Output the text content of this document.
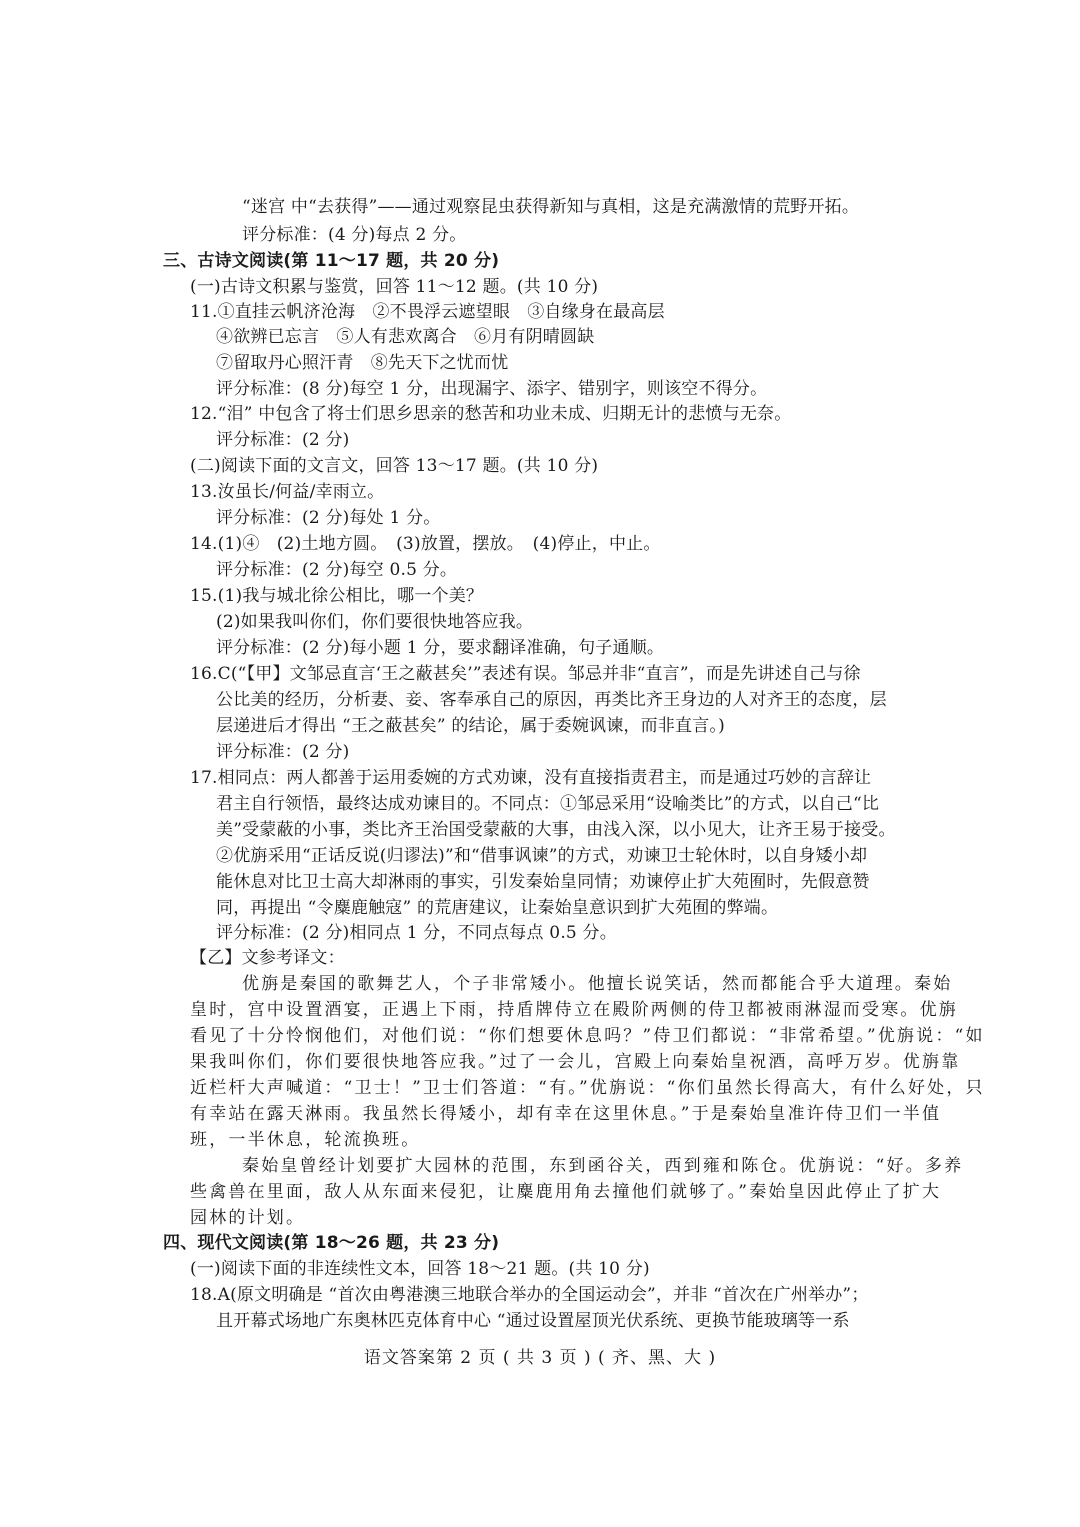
“迷宫 中“去获得”——通过观察昆虫获得新知与真相，这是充满激情的荒野开拓。
评分标准：(4 分)每点 2 分。
三、古诗文阅读(第 11～17 题，共 20 分)
(一)古诗文积累与鉴赏，回答 11～12 题。(共 10 分)
11.①直挂云帆济沧海　②不畏浮云遮望眼　③自缘身在最高层
④欲辨已忘言　⑤人有悲欢离合　⑥月有阴晴圆缺
⑦留取丹心照汗青　⑧先天下之忧而忧
评分标准：(8 分)每空 1 分，出现漏字、添字、错别字，则该空不得分。
12.“泪” 中包含了将士们思乡思亲的愁苦和功业未成、归期无计的悲愤与无奈。
评分标准：(2 分)
(二)阅读下面的文言文，回答 13～17 题。(共 10 分)
13.汝虽长/何益/幸雨立。
评分标准：(2 分)每处 1 分。
14.(1)④　(2)土地方圆。　(3)放置，摆放。　(4)停止，中止。
评分标准：(2 分)每空 0.5 分。
15.(1)我与城北徐公相比，哪一个美？
(2)如果我叫你们，你们要很快地答应我。
评分标准：(2 分)每小题 1 分，要求翻译准确，句子通顺。
16.C(“【甲】文邹忌直言‘王之蔽甚矣’”表述有误。邹忌并非“直言”，而是先讲述自己与徐
公比美的经历，分析妻、妾、客奉承自己的原因，再类比齐王身边的人对齐王的态度，层
层递进后才得出 “王之蔽甚矣” 的结论，属于委婉讽谏，而非直言。)
评分标准：(2 分)
17.相同点：两人都善于运用委婉的方式劝谏，没有直接指责君主，而是通过巧妙的言辞让
君主自行领悟，最终达成劝谏目的。不同点：①邹忌采用“设喻类比”的方式，以自己“比
美”受蒙蔽的小事，类比齐王治国受蒙蔽的大事，由浅入深，以小见大，让齐王易于接受。
②优旃采用“正话反说(归谬法)”和“借事讽谏”的方式，劝谏卫士轮休时，以自身矮小却
能休息对比卫士高大却淋雨的事实，引发秦始皇同情；劝谏停止扩大苑囿时，先假意赞
同，再提出 “令麋鹿触寇” 的荒唐建议，让秦始皇意识到扩大苑囿的弊端。
评分标准：(2 分)相同点 1 分，不同点每点 0.5 分。
【乙】文参考译文：
优旃是秦国的歌舞艺人，个子非常矮小。他擅长说笑话，然而都能合乎大道理。秦始
皇时，宫中设置酒宴，正遇上下雨，持盾牌侍立在殿阶两侧的侍卫都被雨淋湿而受寒。优旃
看见了十分怜悯他们，对他们说：“你们想要休息吗？”侍卫们都说：“非常希望。”优旃说：“如
果我叫你们，你们要很快地答应我。”过了一会儿，宫殿上向秦始皇祝酒，高呼万岁。优旃靠
近栏杆大声喊道：“卫士！”卫士们答道：“有。”优旃说：“你们虽然长得高大，有什么好处，只
有幸站在露天淋雨。我虽然长得矮小，却有幸在这里休息。”于是秦始皇准许侍卫们一半值
班，一半休息，轮流换班。
秦始皇曾经计划要扩大园林的范围，东到函谷关，西到雍和陈仓。优旃说：“好。多养
些禽兽在里面，敌人从东面来侵犯，让麋鹿用角去撞他们就够了。”秦始皇因此停止了扩大
园林的计划。
四、现代文阅读(第 18～26 题，共 23 分)
(一)阅读下面的非连续性文本，回答 18～21 题。(共 10 分)
18.A(原文明确是 “首次由粤港澳三地联合举办的全国运动会”，并非 “首次在广州举办”；
且开幕式场地广东奥林匹克体育中心 “通过设置屋顶光伏系统、更换节能玻璃等一系
语文答案第 2 页 ( 共 3 页 ) ( 齐、黑、大 )
